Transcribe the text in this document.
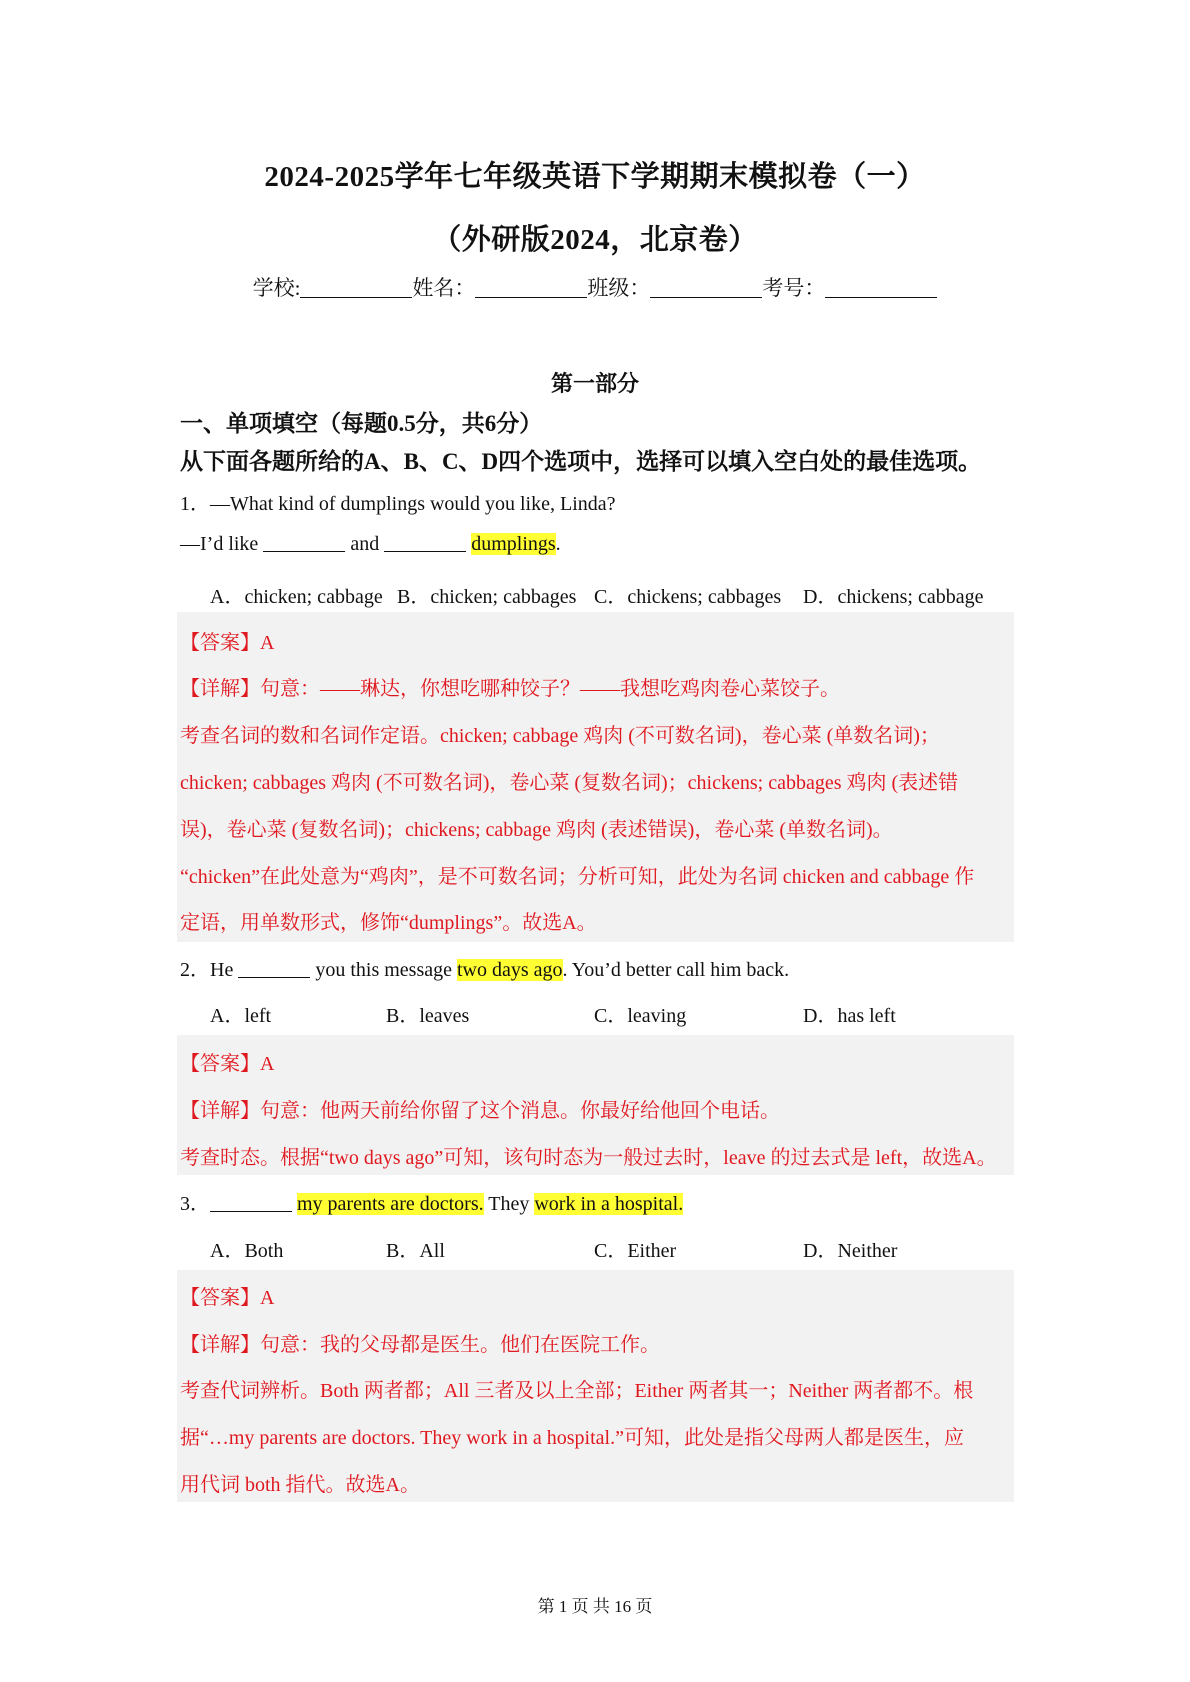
2024-2025学年七年级英语下学期期末模拟卷（一）
（外研版2024，北京卷）
学校:	姓名：	班级：	考号：
第一部分
一、单项填空（每题0.5分，共6分）
从下面各题所给的A、B、C、D四个选项中，选择可以填入空白处的最佳选项。
1．—What kind of dumplings would you like, Linda?
—I’d like	and	dumplings.
A．chicken; cabbage B．chicken; cabbages C．chickens; cabbages D．chickens; cabbage
【答案】A
【详解】句意：——琳达，你想吃哪种饺子？——我想吃鸡肉卷心菜饺子。
考查名词的数和名词作定语。chicken; cabbage 鸡肉 (不可数名词)，卷心菜 (单数名词)；
chicken; cabbages 鸡肉 (不可数名词)，卷心菜 (复数名词)；chickens; cabbages 鸡肉 (表述错
误)，卷心菜 (复数名词)；chickens; cabbage 鸡肉 (表述错误)，卷心菜 (单数名词)。
“chicken”在此处意为“鸡肉”，是不可数名词；分析可知，此处为名词 chicken and cabbage 作
定语，用单数形式，修饰“dumplings”。故选A。
2．He	you this message two days ago. You’d better call him back.
A．left	B．leaves	C．leaving	D．has left
【答案】A
【详解】句意：他两天前给你留了这个消息。你最好给他回个电话。
考查时态。根据“two days ago”可知，该句时态为一般过去时，leave 的过去式是 left，故选A。
3．	my parents are doctors. They work in a hospital.
A．Both	B．All	C．Either	D．Neither
【答案】A
【详解】句意：我的父母都是医生。他们在医院工作。
考查代词辨析。Both 两者都；All 三者及以上全部；Either 两者其一；Neither 两者都不。根
据“…my parents are doctors. They work in a hospital.”可知，此处是指父母两人都是医生，应
用代词 both 指代。故选A。
第 1 页 共 16 页
